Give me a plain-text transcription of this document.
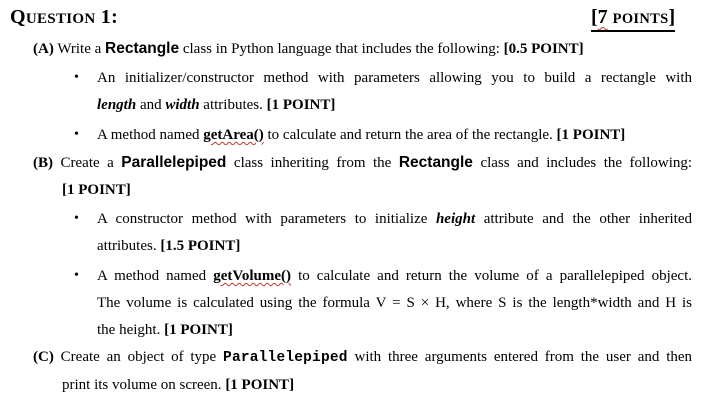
QUESTION 1:	[7 POINTS]
(A) Write a Rectangle class in Python language that includes the following: [0.5 POINT]
• An initializer/constructor method with parameters allowing you to build a rectangle with
length and width attributes. [1 POINT]
• A method named getArea() to calculate and return the area of the rectangle. [1 POINT]
(B) Create a Parallelepiped class inheriting from the Rectangle class and includes the following:
[1 POINT]
• A constructor method with parameters to initialize height attribute and the other inherited
attributes. [1.5 POINT]
• A method named getVolume() to calculate and return the volume of a parallelepiped object.
The volume is calculated using the formula V = S × H, where S is the length*width and H is
the height. [1 POINT]
(C) Create an object of type Parallelepiped with three arguments entered from the user and then
print its volume on screen. [1 POINT]
